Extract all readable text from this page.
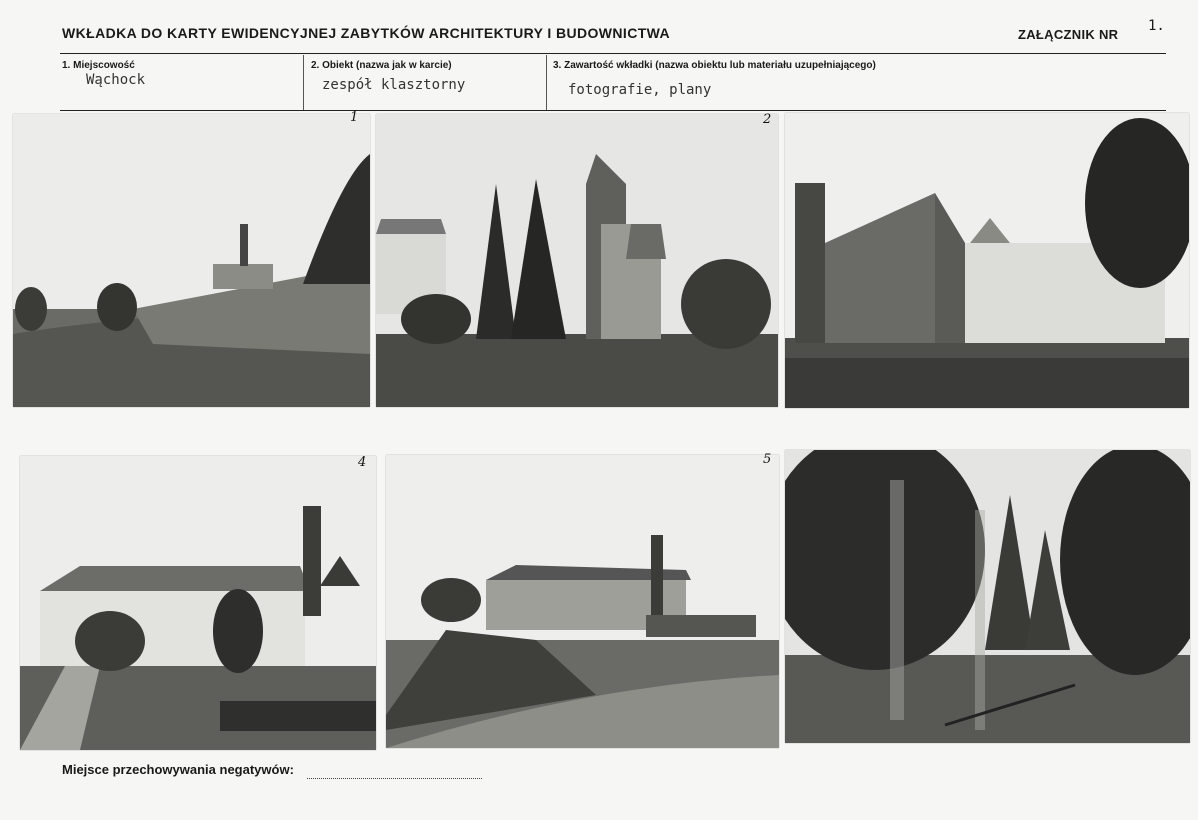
WKŁADKA DO KARTY EWIDENCYJNEJ ZABYTKÓW ARCHITEKTURY I BUDOWNICTWA	ZAŁĄCZNIK NR
1.
1. Miejscowość
Wąchock
2. Obiekt (nazwa jak w karcie)
zespół klasztorny
3. Zawartość wkładki (nazwa obiektu lub materiału uzupełniającego)
fotografie, plany
1	2
4	5
Miejsce przechowywania negatywów:
